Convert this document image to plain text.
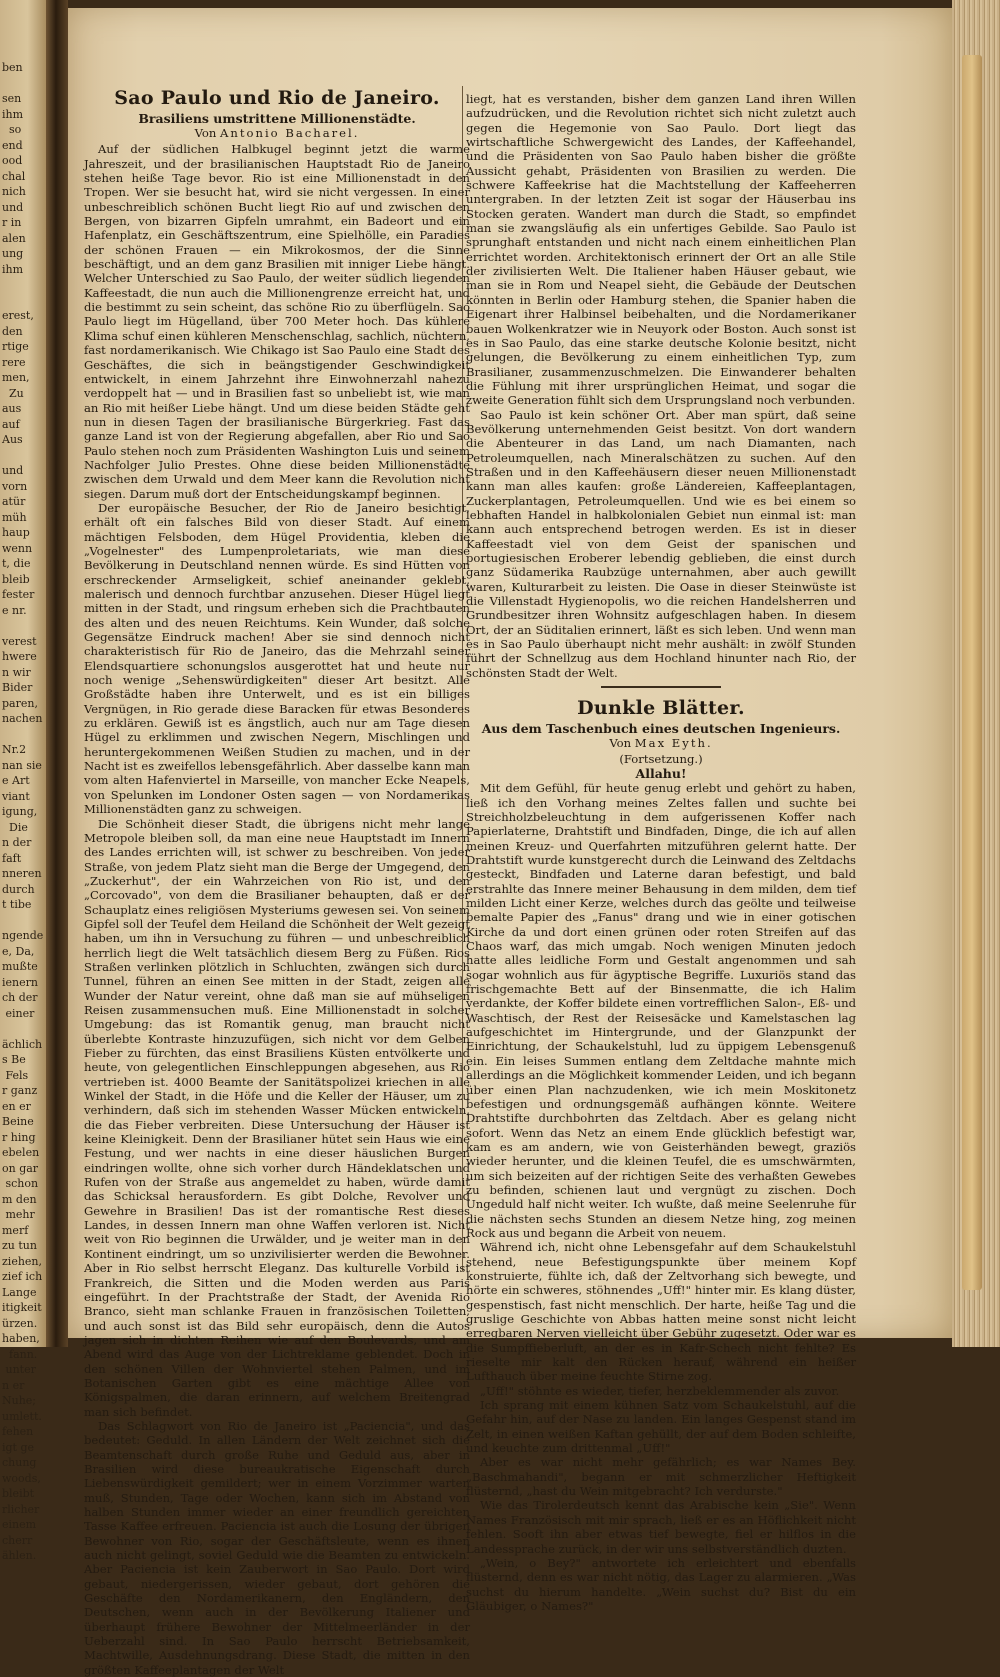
ben

sen
ihm
so
end
ood
chal
nich
und
r in
alen
ung
ihm

erest,
den
rtige
rere
men,
Zu
aus
auf
Aus

und
vorn
atür
müh
haup
wenn
t, die
bleib
fester
e nr.

verest
hwere
n wir
Bider
paren,
nachen

Nr.2
nan sie
e Art
viant
igung,
Die
n der
faft
nneren
durch
t tibe

ngende
e, Da,
mußte
ienern
ch der
einer

ächlich
s Be
Fels
r ganz
en er
Beine
r hing
ebelen
on gar
schon
m den
mehr
merf
zu tun
ziehen,
zief ich
Lange
itigkeit
ürzen.
haben,
fann.
unter
n er
Nuhe;
umlett.
fehen
igt ge
chung
woods,
bleibt
rlicher
einem
cherr
ählen.
Sao Paulo und Rio de Janeiro.
Brasiliens umstrittene Millionenstädte.
Von Antonio Bacharel.

Auf der südlichen Halbkugel beginnt jetzt die warme Jahreszeit, und der brasilianischen Hauptstadt Rio de Janeiro stehen heiße Tage bevor. Rio ist eine Millionenstadt in den Tropen. Wer sie besucht hat, wird sie nicht vergessen. In einer unbeschreiblich schönen Bucht liegt Rio auf und zwischen den Bergen, von bizarren Gipfeln umrahmt, ein Badeort und ein Hafenplatz, ein Geschäftszentrum, eine Spielhölle, ein Paradies der schönen Frauen — ein Mikrokosmos, der die Sinne beschäftigt, und an dem ganz Brasilien mit inniger Liebe hängt. Welcher Unterschied zu Sao Paulo, der weiter südlich liegenden Kaffeestadt, die nun auch die Millionengrenze erreicht hat, und die bestimmt zu sein scheint, das schöne Rio zu überflügeln. Sao Paulo liegt im Hügelland, über 700 Meter hoch. Das kühlere Klima schuf einen kühleren Menschenschlag, sachlich, nüchtern, fast nordamerikanisch. Wie Chikago ist Sao Paulo eine Stadt des Geschäftes, die sich in beängstigender Geschwindigkeit entwickelt, in einem Jahrzehnt ihre Einwohnerzahl nahezu verdoppelt hat — und in Brasilien fast so unbeliebt ist, wie man an Rio mit heißer Liebe hängt. Und um diese beiden Städte geht nun in diesen Tagen der brasilianische Bürgerkrieg. Fast das ganze Land ist von der Regierung abgefallen, aber Rio und Sao Paulo stehen noch zum Präsidenten Washington Luis und seinem Nachfolger Julio Prestes. Ohne diese beiden Millionenstädte zwischen dem Urwald und dem Meer kann die Revolution nicht siegen. Darum muß dort der Entscheidungskampf beginnen.

Der europäische Besucher, der Rio de Janeiro besichtigt, erhält oft ein falsches Bild von dieser Stadt. Auf einem mächtigen Felsboden, dem Hügel Providentia, kleben die „Vogelnester" des Lumpenproletariats, wie man diese Bevölkerung in Deutschland nennen würde. Es sind Hütten von erschreckender Armseligkeit, schief aneinander geklebt, malerisch und dennoch furchtbar anzusehen. Dieser Hügel liegt mitten in der Stadt, und ringsum erheben sich die Prachtbauten des alten und des neuen Reichtums. Kein Wunder, daß solche Gegensätze Eindruck machen! Aber sie sind dennoch nicht charakteristisch für Rio de Janeiro, das die Mehrzahl seiner Elendsquartiere schonungslos ausgerottet hat und heute nur noch wenige „Sehenswürdigkeiten" dieser Art besitzt. Alle Großstädte haben ihre Unterwelt, und es ist ein billiges Vergnügen, in Rio gerade diese Baracken für etwas Besonderes zu erklären. Gewiß ist es ängstlich, auch nur am Tage diesen Hügel zu erklimmen und zwischen Negern, Mischlingen und heruntergekommenen Weißen Studien zu machen, und in der Nacht ist es zweifellos lebensgefährlich. Aber dasselbe kann man vom alten Hafenviertel in Marseille, von mancher Ecke Neapels, von Spelunken im Londoner Osten sagen — von Nordamerikas Millionenstädten ganz zu schweigen.

Die Schönheit dieser Stadt, die übrigens nicht mehr lange Metropole bleiben soll, da man eine neue Hauptstadt im Innern des Landes errichten will, ist schwer zu beschreiben. Von jeder Straße, von jedem Platz sieht man die Berge der Umgegend, den „Zuckerhut", der ein Wahrzeichen von Rio ist, und den „Corcovado", von dem die Brasilianer behaupten, daß er der Schauplatz eines religiösen Mysteriums gewesen sei. Von seinem Gipfel soll der Teufel dem Heiland die Schönheit der Welt gezeigt haben, um ihn in Versuchung zu führen — und unbeschreiblich herrlich liegt die Welt tatsächlich diesem Berg zu Füßen. Rios Straßen verlinken plötzlich in Schluchten, zwängen sich durch Tunnel, führen an einen See mitten in der Stadt, zeigen alle Wunder der Natur vereint, ohne daß man sie auf mühseligen Reisen zusammensuchen muß. Eine Millionenstadt in solcher Umgebung: das ist Romantik genug, man braucht nicht überlebte Kontraste hinzuzufügen, sich nicht vor dem Gelben Fieber zu fürchten, das einst Brasiliens Küsten entvölkerte und heute, von gelegentlichen Einschleppungen abgesehen, aus Rio vertrieben ist. 4000 Beamte der Sanitätspolizei kriechen in alle Winkel der Stadt, in die Höfe und die Keller der Häuser, um zu verhindern, daß sich im stehenden Wasser Mücken entwickeln, die das Fieber verbreiten. Diese Untersuchung der Häuser ist keine Kleinigkeit. Denn der Brasilianer hütet sein Haus wie eine Festung, und wer nachts in eine dieser häuslichen Burgen eindringen wollte, ohne sich vorher durch Händeklatschen und Rufen von der Straße aus angemeldet zu haben, würde damit das Schicksal herausfordern. Es gibt Dolche, Revolver und Gewehre in Brasilien! Das ist der romantische Rest dieses Landes, in dessen Innern man ohne Waffen verloren ist. Nicht weit von Rio beginnen die Urwälder, und je weiter man in den Kontinent eindringt, um so unzivilisierter werden die Bewohner. Aber in Rio selbst herrscht Eleganz. Das kulturelle Vorbild ist Frankreich, die Sitten und die Moden werden aus Paris eingeführt. In der Prachtstraße der Stadt, der Avenida Rio Branco, sieht man schlanke Frauen in französischen Toiletten, und auch sonst ist das Bild sehr europäisch, denn die Autos jagen sich in dichten Reihen wie auf den Boulevards, und am Abend wird das Auge von der Lichtreklame geblendet. Doch in den schönen Villen der Wohnviertel stehen Palmen, und im Botanischen Garten gibt es eine mächtige Allee von Königspalmen, die daran erinnern, auf welchem Breitengrad man sich befindet.

Das Schlagwort von Rio de Janeiro ist „Paciencia", und das bedeutet: Geduld. In allen Ländern der Welt zeichnet sich die Beamtenschaft durch große Ruhe und Geduld aus, aber in Brasilien wird diese bureaukratische Eigenschaft durch Liebenswürdigkeit gemildert; wer in einem Vorzimmer warten muß, Stunden, Tage oder Wochen, kann sich im Abstand von halben Stunden immer wieder an einer freundlich gereichten Tasse Kaffee erfreuen. Paciencia ist auch die Losung der übrigen Bewohner von Rio, sogar der Geschäftsleute, wenn es ihnen auch nicht gelingt, soviel Geduld wie die Beamten zu entwickeln. Aber Paciencia ist kein Zauberwort in Sao Paulo. Dort wird gebaut, niedergerissen, wieder gebaut, dort gehören die Geschäfte den Nordamerikanern, den Engländern, den Deutschen, wenn auch in der Bevölkerung Italiener und überhaupt frühere Bewohner der Mittelmeerländer in der Ueberzahl sind. In Sao Paulo herrscht Betriebsamkeit, Machtwille, Ausdehnungsdrang. Diese Stadt, die mitten in den größten Kaffeeplantagen der Welt

liegt, hat es verstanden, bisher dem ganzen Land ihren Willen aufzudrücken, und die Revolution richtet sich nicht zuletzt auch gegen die Hegemonie von Sao Paulo. Dort liegt das wirtschaftliche Schwergewicht des Landes, der Kaffeehandel, und die Präsidenten von Sao Paulo haben bisher die größte Aussicht gehabt, Präsidenten von Brasilien zu werden. Die schwere Kaffeekrise hat die Machtstellung der Kaffeeherren untergraben. In der letzten Zeit ist sogar der Häuserbau ins Stocken geraten. Wandert man durch die Stadt, so empfindet man sie zwangsläufig als ein unfertiges Gebilde. Sao Paulo ist sprunghaft entstanden und nicht nach einem einheitlichen Plan errichtet worden. Architektonisch erinnert der Ort an alle Stile der zivilisierten Welt. Die Italiener haben Häuser gebaut, wie man sie in Rom und Neapel sieht, die Gebäude der Deutschen könnten in Berlin oder Hamburg stehen, die Spanier haben die Eigenart ihrer Halbinsel beibehalten, und die Nordamerikaner bauen Wolkenkratzer wie in Neuyork oder Boston. Auch sonst ist es in Sao Paulo, das eine starke deutsche Kolonie besitzt, nicht gelungen, die Bevölkerung zu einem einheitlichen Typ, zum Brasilianer, zusammenzuschmelzen. Die Einwanderer behalten die Fühlung mit ihrer ursprünglichen Heimat, und sogar die zweite Generation fühlt sich dem Ursprungsland noch verbunden.

Sao Paulo ist kein schöner Ort. Aber man spürt, daß seine Bevölkerung unternehmenden Geist besitzt. Von dort wandern die Abenteurer in das Land, um nach Diamanten, nach Petroleumquellen, nach Mineralschätzen zu suchen. Auf den Straßen und in den Kaffeehäusern dieser neuen Millionenstadt kann man alles kaufen: große Ländereien, Kaffeeplantagen, Zuckerplantagen, Petroleumquellen. Und wie es bei einem so lebhaften Handel in halbkolonialen Gebiet nun einmal ist: man kann auch entsprechend betrogen werden. Es ist in dieser Kaffeestadt viel von dem Geist der spanischen und portugiesischen Eroberer lebendig geblieben, die einst durch ganz Südamerika Raubzüge unternahmen, aber auch gewillt waren, Kulturarbeit zu leisten. Die Oase in dieser Steinwüste ist die Villenstadt Hygienopolis, wo die reichen Handelsherren und Grundbesitzer ihren Wohnsitz aufgeschlagen haben. In diesem Ort, der an Süditalien erinnert, läßt es sich leben. Und wenn man es in Sao Paulo überhaupt nicht mehr aushält: in zwölf Stunden führt der Schnellzug aus dem Hochland hinunter nach Rio, der schönsten Stadt der Welt.

Dunkle Blätter.
Aus dem Taschenbuch eines deutschen Ingenieurs.
Von Max Eyth.
(Fortsetzung.)
Allahu!

Mit dem Gefühl, für heute genug erlebt und gehört zu haben, ließ ich den Vorhang meines Zeltes fallen und suchte bei Streichholzbeleuchtung in dem aufgerissenen Koffer nach Papierlaterne, Drahtstift und Bindfaden, Dinge, die ich auf allen meinen Kreuz- und Querfahrten mitzuführen gelernt hatte. Der Drahtstift wurde kunstgerecht durch die Leinwand des Zeltdachs gesteckt, Bindfaden und Laterne daran befestigt, und bald erstrahlte das Innere meiner Behausung in dem milden, dem tief milden Licht einer Kerze, welches durch das geölte und teilweise bemalte Papier des „Fanus" drang und wie in einer gotischen Kirche da und dort einen grünen oder roten Streifen auf das Chaos warf, das mich umgab. Noch wenigen Minuten jedoch hatte alles leidliche Form und Gestalt angenommen und sah sogar wohnlich aus für ägyptische Begriffe. Luxuriös stand das frischgemachte Bett auf der Binsenmatte, die ich Halim verdankte, der Koffer bildete einen vortrefflichen Salon-, Eß- und Waschtisch, der Rest der Reisesäcke und Kamelstaschen lag aufgeschichtet im Hintergrunde, und der Glanzpunkt der Einrichtung, der Schaukelstuhl, lud zu üppigem Lebensgenuß ein. Ein leises Summen entlang dem Zeltdache mahnte mich allerdings an die Möglichkeit kommender Leiden, und ich begann über einen Plan nachzudenken, wie ich mein Moskitonetz befestigen und ordnungsgemäß aufhängen könnte. Weitere Drahtstifte durchbohrten das Zeltdach. Aber es gelang nicht sofort. Wenn das Netz an einem Ende glücklich befestigt war, kam es am andern, wie von Geisterhänden bewegt, graziös wieder herunter, und die kleinen Teufel, die es umschwärmten, um sich beizeiten auf der richtigen Seite des verhaßten Gewebes zu befinden, schienen laut und vergnügt zu zischen. Doch Ungeduld half nicht weiter. Ich wußte, daß meine Seelenruhe für die nächsten sechs Stunden an diesem Netze hing, zog meinen Rock aus und begann die Arbeit von neuem.

Während ich, nicht ohne Lebensgefahr auf dem Schaukelstuhl stehend, neue Befestigungspunkte über meinem Kopf konstruierte, fühlte ich, daß der Zeltvorhang sich bewegte, und hörte ein schweres, stöhnendes „Uff!" hinter mir. Es klang düster, gespenstisch, fast nicht menschlich. Der harte, heiße Tag und die gruslige Geschichte von Abbas hatten meine sonst nicht leicht erregbaren Nerven vielleicht über Gebühr zugesetzt. Oder war es die Sumpffieberluft, an der es in Kafr-Schech nicht fehlte? Es rieselte mir kalt den Rücken herauf, während ein heißer Lufthauch über meine feuchte Stirne zog.

„Uff!" stöhnte es wieder, tiefer, herzbeklemmender als zuvor.

Ich sprang mit einem kühnen Satz vom Schaukelstuhl, auf die Gefahr hin, auf der Nase zu landen. Ein langes Gespenst stand im Zelt, in einen weißen Kaftan gehüllt, der auf dem Boden schleifte, und keuchte zum drittenmal „Uff!"

Aber es war nicht mehr gefährlich; es war Names Bey. „Baschmahandi", begann er mit schmerzlicher Heftigkeit flüsternd, „hast du Wein mitgebracht? Ich verdurste."

Wie das Tirolerdeutsch kennt das Arabische kein „Sie". Wenn Names Französisch mit mir sprach, ließ er es an Höflichkeit nicht fehlen. Sooft ihn aber etwas tief bewegte, fiel er hilflos in die Landessprache zurück, in der wir uns selbstverständlich duzten.

„Wein, o Bey?" antwortete ich erleichtert und ebenfalls flüsternd, denn es war nicht nötig, das Lager zu alarmieren. „Was suchst du hierum handelte. „Wein suchst du? Bist du ein Gläubiger, o Names?"
